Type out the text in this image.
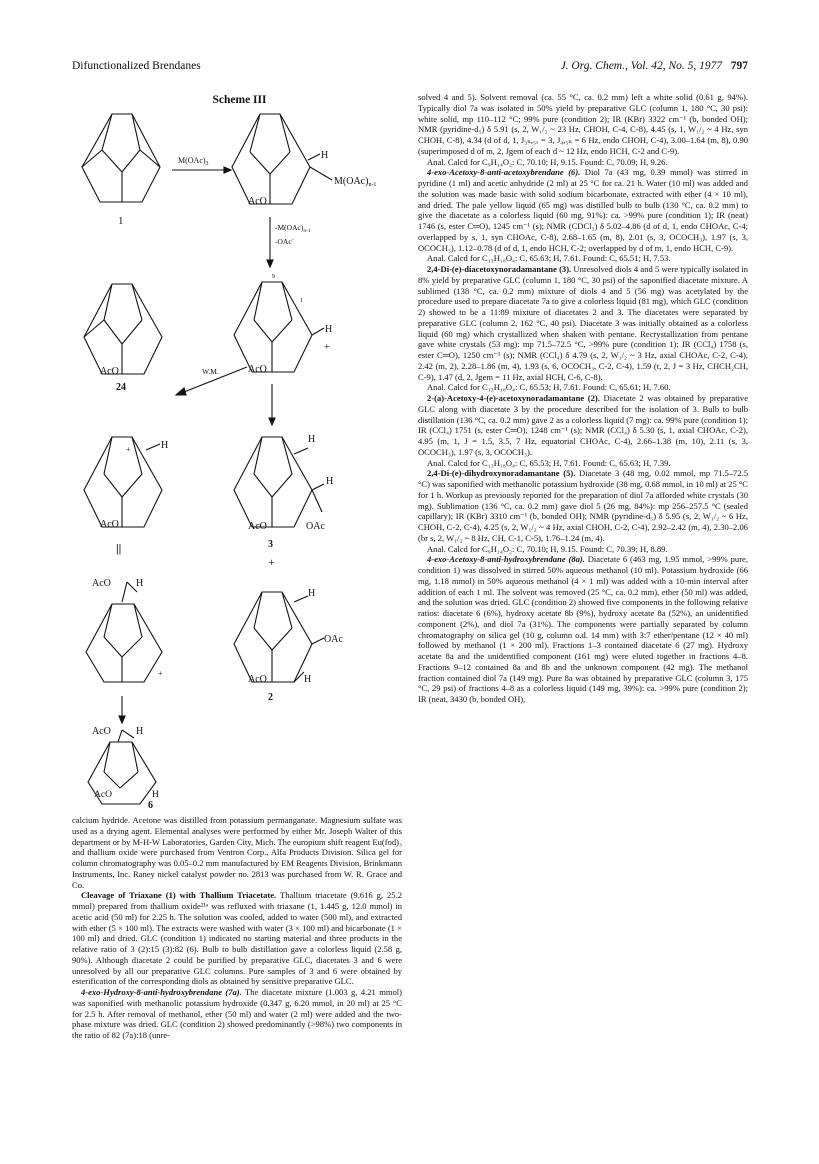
Difunctionalized Brendanes	J. Org. Chem., Vol. 42, No. 5, 1977 797
Scheme III
1
$M(OAc)_3$
H
$M(OAc)_{n-1}$
AcO
$-M(OAc)_{n-1}$
-OAc-
9
1
H
+
AcO
W.M.
AcO
24
H
+
AcO
H
H
AcO	OAc
3
+
||
AcO	H
+
H
OAc
AcO	H
2
AcO	H
AcO	H
6

calcium hydride. Acetone was distilled from potassium permanganate. Magnesium sulfate was used as a drying agent. Elemental analyses were performed by either Mr. Joseph Walter of this department or by M-H-W Laboratories, Garden City, Mich. The europium shift reagent Eu(fod)₃ and thallium oxide were purchased from Ventron Corp., Alfa Products Division. Silica gel for column chromatography was 0.05–0.2 mm manufactured by EM Reagents Division, Brinkmann Instruments, Inc. Raney nickel catalyst powder no. 2813 was purchased from W. R. Grace and Co.

Cleavage of Triaxane (1) with Thallium Triacetate. Thallium triacetate (9.616 g, 25.2 mmol) prepared from thallium oxide²¹ᵃ was refluxed with triaxane (1, 1.445 g, 12.0 mmol) in acetic acid (50 ml) for 2.25 h. The solution was cooled, added to water (500 ml), and extracted with ether (5 × 100 ml). The extracts were washed with water (3 × 100 ml) and bicarbonate (1 × 100 ml) and dried. GLC (condition 1) indicated no starting material and three products in the relative ratio of 3 (2):15 (3):82 (6). Bulb to bulb distillation gave a colorless liquid (2.58 g, 90%). Although diacetate 2 could be purified by preparative GLC, diacetates 3 and 6 were unresolved by all our preparative GLC columns. Pure samples of 3 and 6 were obtained by esterification of the corresponding diols as obtained by sensitive preparative GLC.

4-exo-Hydroxy-8-anti-hydroxybrendane (7a). The diacetate mixture (1.003 g, 4.21 mmol) was saponified with methanolic potassium hydroxide (0.347 g, 6.20 mmol, in 20 ml) at 25 °C for 2.5 h. After removal of methanol, ether (50 ml) and water (2 ml) were added and the two-phase mixture was dried. GLC (condition 2) showed predominantly (>98%) two components in the ratio of 82 (7a):18 (unre-

solved 4 and 5). Solvent removal (ca. 55 °C, ca. 0.2 mm) left a white solid (0.61 g, 94%). Typically diol 7a was isolated in 50% yield by preparative GLC (column 1, 180 °C, 30 psi): white solid, mp 110–112 °C; 99% pure (condition 2); IR (KBr) 3322 cm⁻¹ (b, bonded OH); NMR (pyridine-d₅) δ 5.91 (s, 2, W₁/₂ ~ 23 Hz, CHOH, C-4, C-8), 4.45 (s, 1, W₁/₂ ~ 4 Hz, syn CHOH, C-8), 4.34 (d of d, 1, J₃ₙ,₅ₓ = 3, J₄,₅ₙ = 6 Hz, endo CHOH, C-4), 3.00–1.64 (m, 8), 0.90 (superimposed d of m, 2, Jgem of each d ~ 12 Hz, endo HCH, C-2 and C-9).

Anal. Calcd for C₉H₁₄O₂: C, 70.10; H, 9.15. Found: C, 70.09; H, 9.26.

4-exo-Acetoxy-8-anti-acetoxybrendane (6). Diol 7a (43 mg, 0.39 mmol) was stirred in pyridine (1 ml) and acetic anhydride (2 ml) at 25 °C for ca. 21 h. Water (10 ml) was added and the solution was made basic with solid sodium bicarbonate, extracted with ether (4 × 10 ml), and dried. The pale yellow liquid (65 mg) was distilled bulb to bulb (130 °C, ca. 0.2 mm) to give the diacetate as a colorless liquid (60 mg, 91%): ca. >99% pure (condition 1); IR (neat) 1746 (s, ester C═O), 1245 cm⁻¹ (s); NMR (CDCl₃) δ 5.02–4.86 (d of d, 1, endo CHOAc, C-4; overlapped by s, 1, syn CHOAc, C-8), 2.68–1.65 (m, 8), 2.01 (s, 3, OCOCH₃), 1.97 (s, 3, OCOCH₃), 1.12–0.78 (d of d, 1, endo HCH, C-2; overlapped by d of m, 1, endo HCH, C-9).

Anal. Calcd for C₁₃H₁₈O₄: C, 65.63; H, 7.61. Found: C, 65.51; H, 7.53.

2,4-Di-(e)-diacetoxynoradamantane (3). Unresolved diols 4 and 5 were typically isolated in 8% yield by preparative GLC (column 1, 180 °C, 30 psi) of the saponified diacetate mixture. A sublimed (138 °C, ca. 0.2 mm) mixture of diols 4 and 5 (56 mg) was acetylated by the procedure used to prepare diacetate 7a to give a colorless liquid (81 mg), which GLC (condition 2) showed to be a 11:89 mixture of diacetates 2 and 3. The diacetates were separated by preparative GLC (column 2, 162 °C, 40 psi). Diacetate 3 was initially obtained as a colorless liquid (60 mg) which crystallized when shaken with pentane. Recrystallization from pentane gave white crystals (53 mg): mp 71.5–72.5 °C, >99% pure (condition 1); IR (CCl₄) 1758 (s, ester C═O), 1250 cm⁻¹ (s); NMR (CCl₄) δ 4.79 (s, 2, W₁/₂ ~ 3 Hz, axial CHOAc, C-2, C-4), 2.42 (m, 2), 2.28–1.86 (m, 4), 1.93 (s, 6, OCOCH₃, C-2, C-4), 1.59 (t, 2, J = 3 Hz, CHCH₂CH, C-9), 1.47 (d, 2, Jgem = 11 Hz, axial HCH, C-6, C-8).

Anal. Calcd for C₁₃H₁₈O₄: C, 65.53; H, 7.61. Found: C, 65.61; H, 7.60.

2-(a)-Acetoxy-4-(e)-acetoxynoradamantane (2). Diacetate 2 was obtained by preparative GLC along with diacetate 3 by the procedure described for the isolation of 3. Bulb to bulb distillation (136 °C, ca. 0.2 mm) gave 2 as a colorless liquid (7 mg): ca. 99% pure (condition 1); IR (CCl₄) 1751 (s, ester C═O), 1248 cm⁻¹ (s); NMR (CCl₄) δ 5.30 (s, 1, axial CHOAc, C-2), 4.95 (m, 1, J = 1.5, 3.5, 7 Hz, equatorial CHOAc, C-4), 2.66–1.38 (m, 10), 2.11 (s, 3, OCOCH₃), 1.97 (s, 3, OCOCH₃).

Anal. Calcd for C₁₃H₁₈O₄: C, 65.53; H, 7.61. Found: C, 65.63; H, 7.39.

2,4-Di-(e)-dihydroxynoradamantane (5). Diacetate 3 (48 mg, 0.02 mmol, mp 71.5–72.5 °C) was saponified with methanolic potassium hydroxide (38 mg, 0.68 mmol, in 10 ml) at 25 °C for 1 h. Workup as previously reported for the preparation of diol 7a afforded white crystals (30 mg). Sublimation (136 °C, ca. 0.2 mm) gave diol 5 (26 mg, 84%): mp 256–257.5 °C (sealed capillary); IR (KBr) 3310 cm⁻¹ (b, bonded OH); NMR (pyridine-d₅) δ 5.95 (s, 2, W₁/₂ ~ 6 Hz, CHOH, C-2, C-4), 4.25 (s, 2, W₁/₂ ~ 4 Hz, axial CHOH, C-2, C-4), 2.92–2.42 (m, 4), 2.30–2.06 (br s, 2, W₁/₂ ~ 8 Hz, CH, C-1, C-5), 1.76–1.24 (m, 4).

Anal. Calcd for C₉H₁₄O₂: C, 70.10; H, 9.15. Found: C, 70.39; H, 8.89.

4-exo-Acetoxy-8-anti-hydroxybrendane (8a). Diacetate 6 (463 mg, 1.95 mmol, >99% pure, condition 1) was dissolved in stirred 50% aqueous methanol (10 ml). Potassium hydroxide (66 mg, 1.18 mmol) in 50% aqueous methanol (4 × 1 ml) was added with a 10-min interval after addition of each 1 ml. The solvent was removed (25 °C, ca. 0.2 mm), ether (50 ml) was added, and the solution was dried. GLC (condition 2) showed five components in the following relative ratios: diacetate 6 (6%), hydroxy acetate 8b (9%), hydroxy acetate 8a (52%), an unidentified component (2%), and diol 7a (31%). The components were partially separated by column chromatography on silica gel (10 g, column o.d. 14 mm) with 3:7 ether/pentane (12 × 40 ml) followed by methanol (1 × 200 ml). Fractions 1–3 contained diacetate 6 (27 mg). Hydroxy acetate 8a and the unidentified component (161 mg) were eluted together in fractions 4–8. Fractions 9–12 contained 8a and 8b and the unknown component (42 mg). The methanol fraction contained diol 7a (149 mg). Pure 8a was obtained by preparative GLC (column 3, 175 °C, 29 psi) of fractions 4–8 as a colorless liquid (149 mg, 39%): ca. >99% pure (condition 2); IR (neat, 3430 (b, bonded OH),
